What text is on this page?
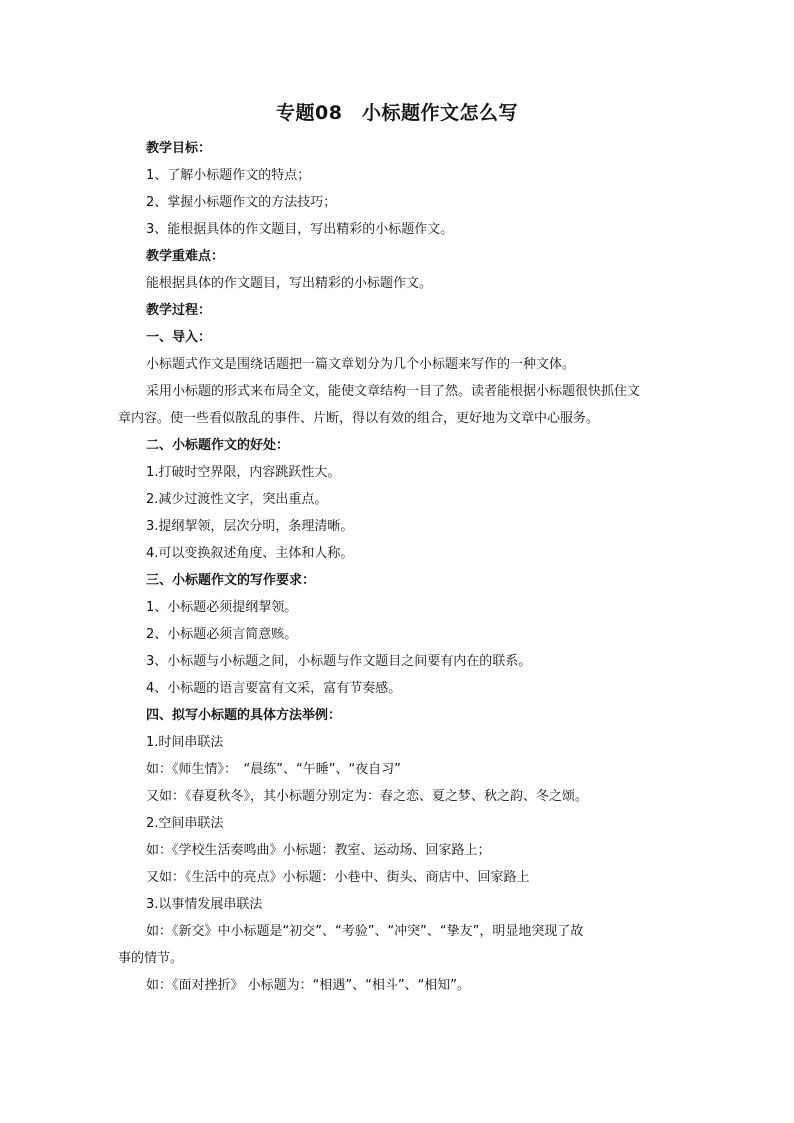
专题08　小标题作文怎么写
教学目标：
1、了解小标题作文的特点；
2、掌握小标题作文的方法技巧；
3、能根据具体的作文题目，写出精彩的小标题作文。
教学重难点：
能根据具体的作文题目，写出精彩的小标题作文。
教学过程：
一、导入：
小标题式作文是围绕话题把一篇文章划分为几个小标题来写作的一种文体。
采用小标题的形式来布局全文，能使文章结构一目了然。读者能根据小标题很快抓住文
章内容。使一些看似散乱的事件、片断，得以有效的组合，更好地为文章中心服务。
二、小标题作文的好处：
1.打破时空界限，内容跳跃性大。
2.减少过渡性文字，突出重点。
3.提纲挈领，层次分明，条理清晰。
4.可以变换叙述角度、主体和人称。
三、小标题作文的写作要求：
1、小标题必须提纲挈领。
2、小标题必须言简意赅。
3、小标题与小标题之间，小标题与作文题目之间要有内在的联系。
4、小标题的语言要富有文采，富有节奏感。
四、拟写小标题的具体方法举例：
1.时间串联法
如：《师生情》：　“晨练”、“午睡”、“夜自习”
又如：《春夏秋冬》，其小标题分别定为：春之恋、夏之梦、秋之韵、冬之颂。
2.空间串联法
如：《学校生活奏鸣曲》小标题：教室、运动场、回家路上；
又如：《生活中的亮点》小标题：小巷中、街头、商店中、回家路上
3.以事情发展串联法
如：《新交》中小标题是“初交”、“考验”、“冲突”、“挚友”，明显地突现了故
事的情节。
如：《面对挫折》 小标题为：“相遇”、“相斗”、“相知”。
